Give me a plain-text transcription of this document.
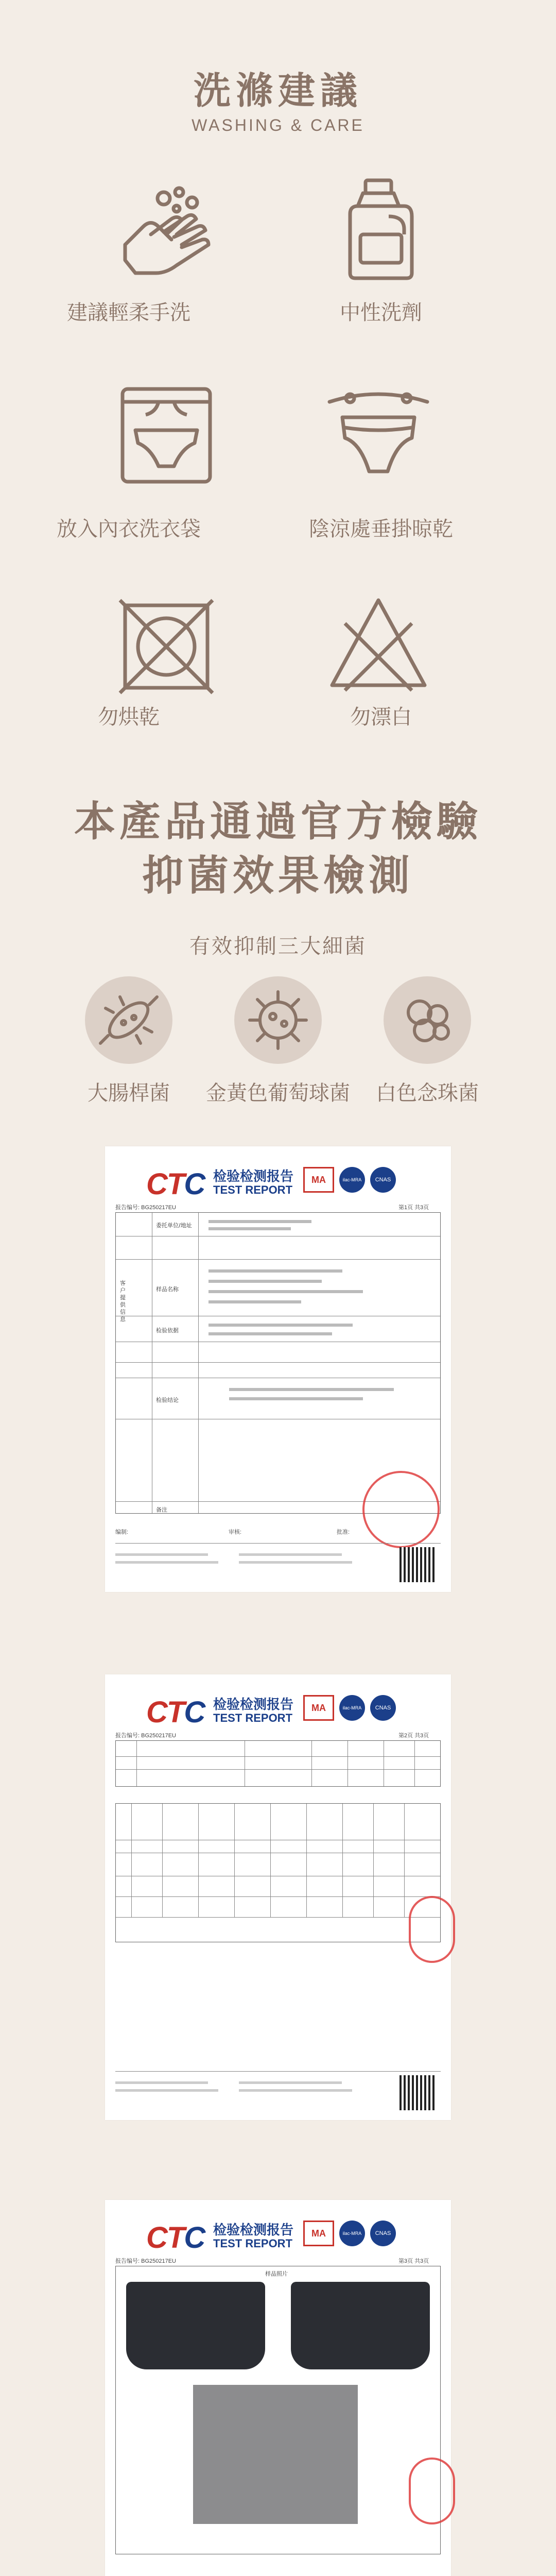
洗滌建議
WASHING & CARE
建議輕柔手洗	中性洗劑
放入內衣洗衣袋	陰涼處垂掛晾乾
勿烘乾	勿漂白
本產品通過官方檢驗
抑菌效果檢測
有效抑制三大細菌
大腸桿菌	金黃色葡萄球菌	白色念珠菌
CTC 检验检测报告
TEST REPORT
MA	ilac-MRA	CNAS
报告编号: BG250217EU	第1页 共3页
客户提供信息
委托单位/地址
样品名称
检验依据
检验结论
备注
编制:	审核:	批准:
CTC 检验检测报告
TEST REPORT
MA	ilac-MRA	CNAS
报告编号: BG250217EU	第2页 共3页
CTC 检验检测报告
TEST REPORT
MA	ilac-MRA	CNAS
报告编号: BG250217EU	第3页 共3页
样品照片
